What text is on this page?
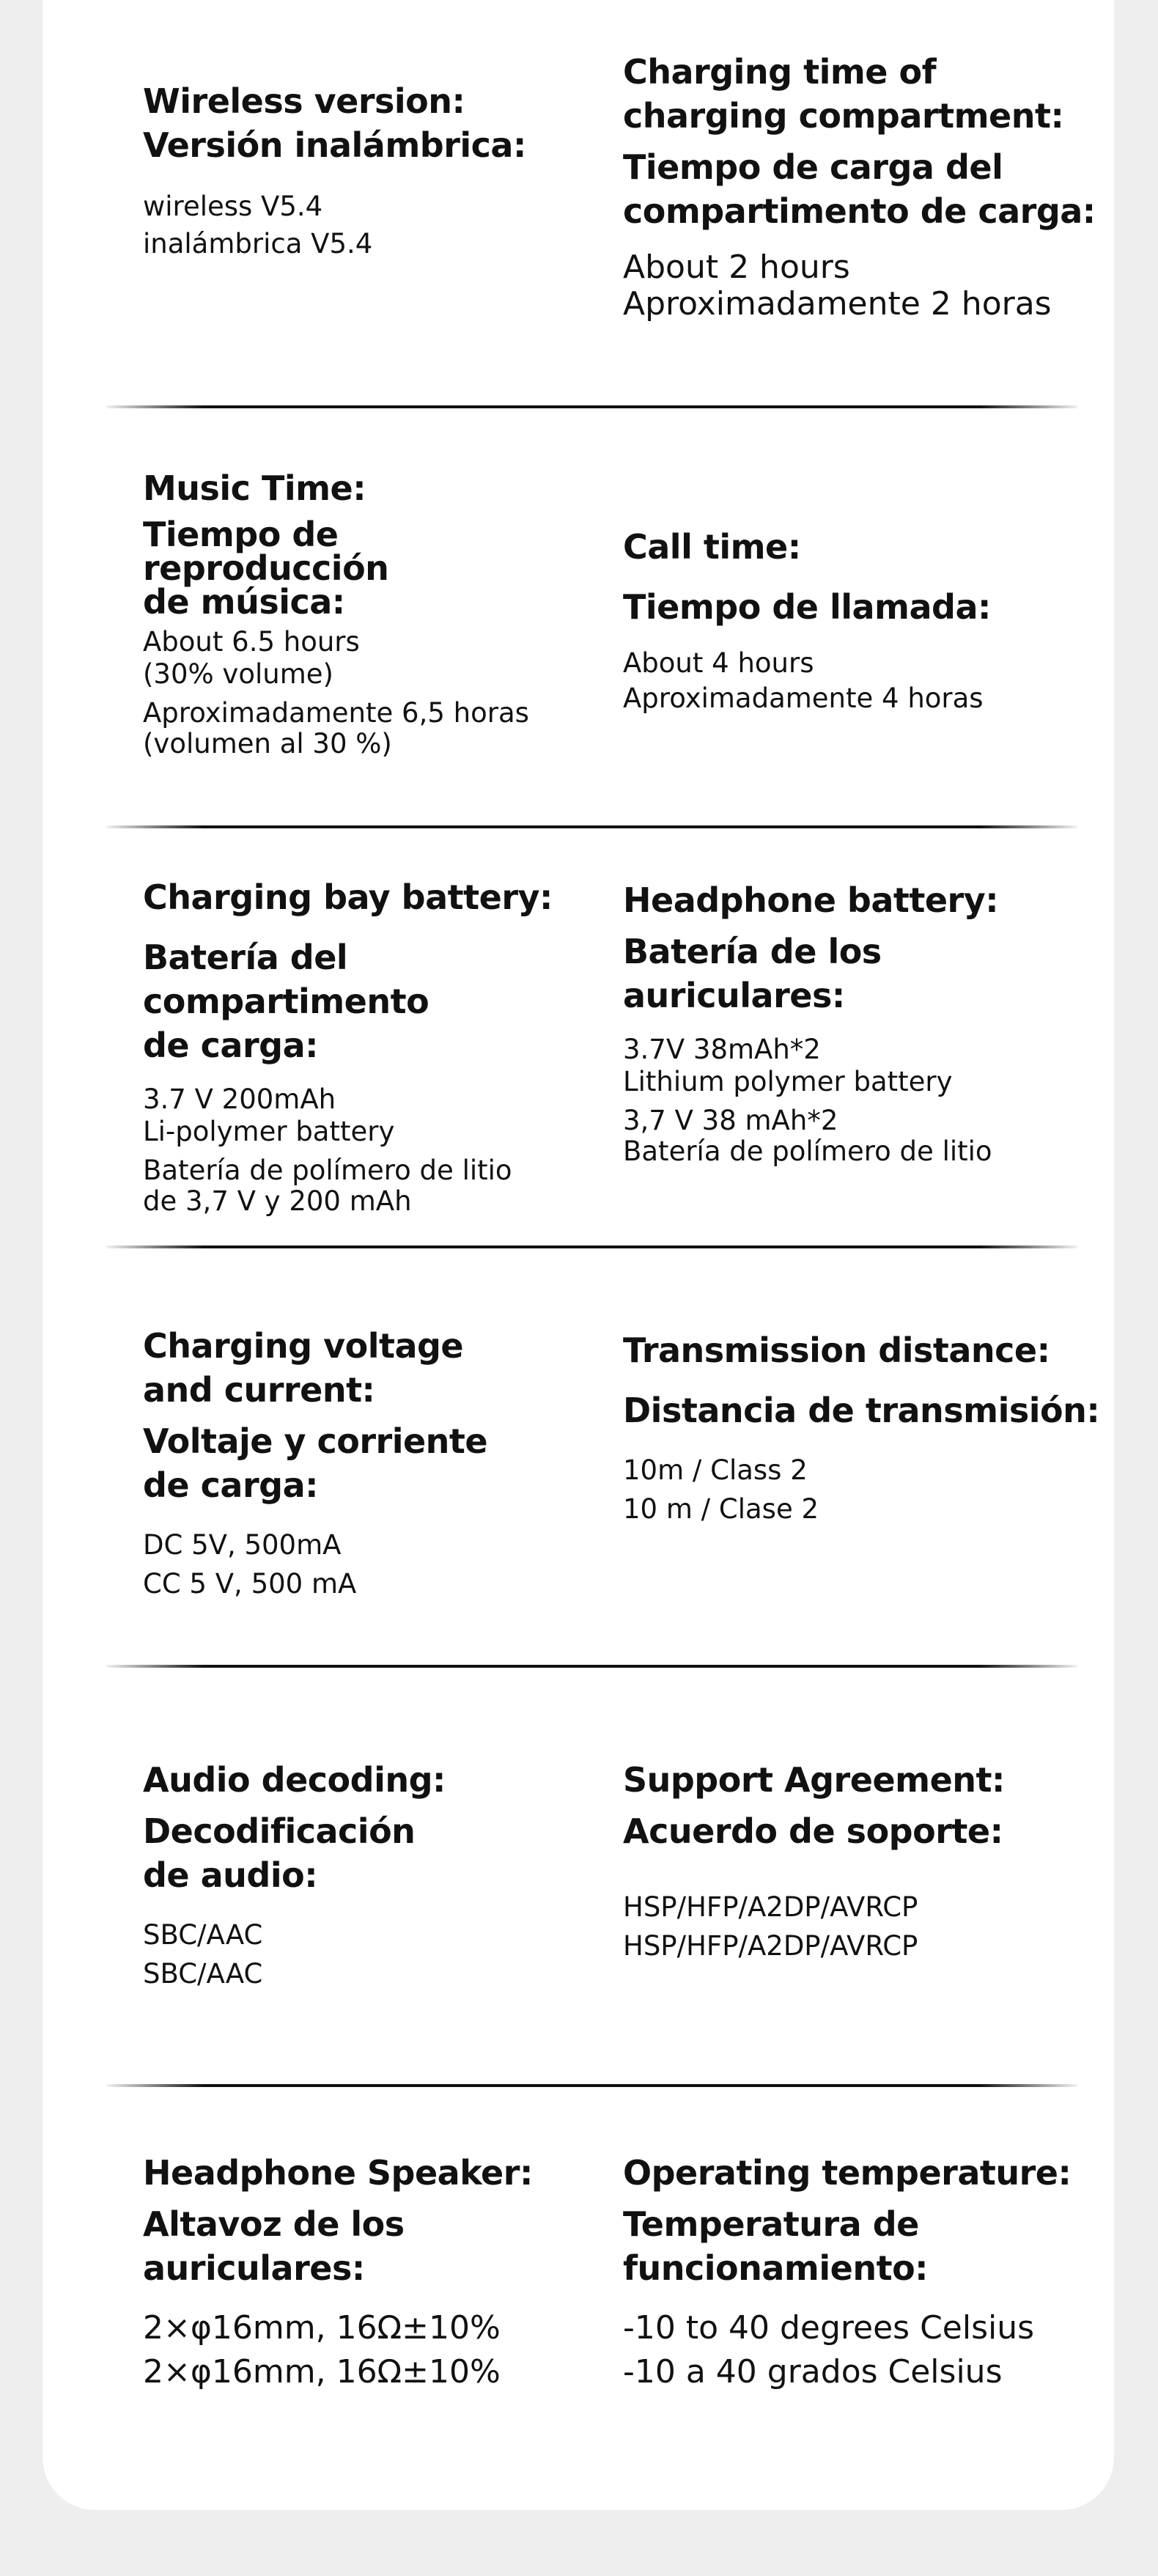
Wireless version:

Versión inalámbrica:

wireless V5.4

inalámbrica V5.4

Charging time of
charging compartment:

Tiempo de carga del
compartimento de carga:

About 2 hours

Aproximadamente 2 horas

Music Time:

Tiempo de
reproducción
de música:

About 6.5 hours
(30% volume)

Aproximadamente 6,5 horas
(volumen al 30 %)

Call time:

Tiempo de llamada:

About 4 hours

Aproximadamente 4 horas

Charging bay battery:

Batería del
compartimento
de carga:

3.7 V 200mAh
Li-polymer battery

Batería de polímero de litio
de 3,7 V y 200 mAh

Headphone battery:

Batería de los
auriculares:

3.7V 38mAh*2
Lithium polymer battery

3,7 V 38 mAh*2
Batería de polímero de litio

Charging voltage
and current:

Voltaje y corriente
de carga:

DC 5V, 500mA

CC 5 V, 500 mA

Transmission distance:

Distancia de transmisión:

10m / Class 2

10 m / Clase 2

Audio decoding:

Decodificación
de audio:

SBC/AAC

SBC/AAC

Support Agreement:

Acuerdo de soporte:

HSP/HFP/A2DP/AVRCP

HSP/HFP/A2DP/AVRCP

Headphone Speaker:

Altavoz de los
auriculares:

2×φ16mm, 16Ω±10%

2×φ16mm, 16Ω±10%

Operating temperature:

Temperatura de
funcionamiento:

-10 to 40 degrees Celsius

-10 a 40 grados Celsius
